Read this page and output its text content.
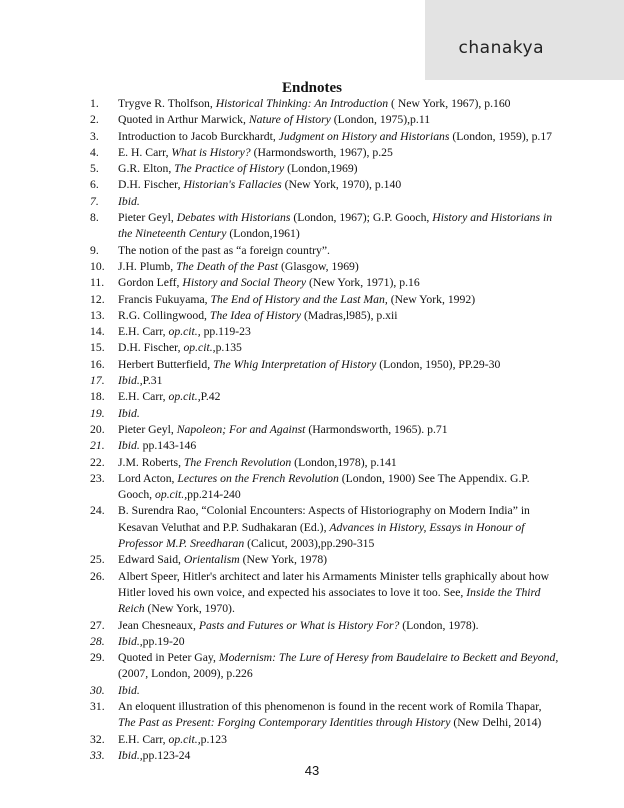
chanakya
Endnotes
1. Trygve R. Tholfson, Historical Thinking: An Introduction ( New York, 1967), p.160
2. Quoted in Arthur Marwick, Nature of History (London, 1975),p.11
3. Introduction to Jacob Burckhardt, Judgment on History and Historians (London, 1959), p.17
4. E. H. Carr, What is History? (Harmondsworth, 1967), p.25
5. G.R. Elton, The Practice of History (London,1969)
6. D.H. Fischer, Historian's Fallacies (New York, 1970), p.140
7. Ibid.
8. Pieter Geyl, Debates with Historians (London, 1967); G.P. Gooch, History and Historians in the Nineteenth Century (London,1961)
9. The notion of the past as “a foreign country”.
10. J.H. Plumb, The Death of the Past (Glasgow, 1969)
11. Gordon Leff, History and Social Theory (New York, 1971), p.16
12. Francis Fukuyama, The End of History and the Last Man, (New York, 1992)
13. R.G. Collingwood, The Idea of History (Madras,l985), p.xii
14. E.H. Carr, op.cit., pp.119-23
15. D.H. Fischer, op.cit.,p.135
16. Herbert Butterfield, The Whig Interpretation of History (London, 1950), PP.29-30
17. Ibid.,P.31
18. E.H. Carr, op.cit.,P.42
19. Ibid.
20. Pieter Geyl, Napoleon; For and Against (Harmondsworth, 1965). p.71
21. Ibid. pp.143-146
22. J.M. Roberts, The French Revolution (London,1978), p.141
23. Lord Acton, Lectures on the French Revolution (London, 1900) See The Appendix. G.P. Gooch, op.cit.,pp.214-240
24. B. Surendra Rao, “Colonial Encounters: Aspects of Historiography on Modern India” in Kesavan Veluthat and P.P. Sudhakaran (Ed.), Advances in History, Essays in Honour of Professor M.P. Sreedharan (Calicut, 2003),pp.290-315
25. Edward Said, Orientalism (New York, 1978)
26. Albert Speer, Hitler's architect and later his Armaments Minister tells graphically about how Hitler loved his own voice, and expected his associates to love it too. See, Inside the Third Reich (New York, 1970).
27. Jean Chesneaux, Pasts and Futures or What is History For? (London, 1978).
28. Ibid.,pp.19-20
29. Quoted in Peter Gay, Modernism: The Lure of Heresy from Baudelaire to Beckett and Beyond,(2007, London, 2009), p.226
30. Ibid.
31. An eloquent illustration of this phenomenon is found in the recent work of Romila Thapar, The Past as Present: Forging Contemporary Identities through History (New Delhi, 2014)
32. E.H. Carr, op.cit.,p.123
33. Ibid.,pp.123-24
43
